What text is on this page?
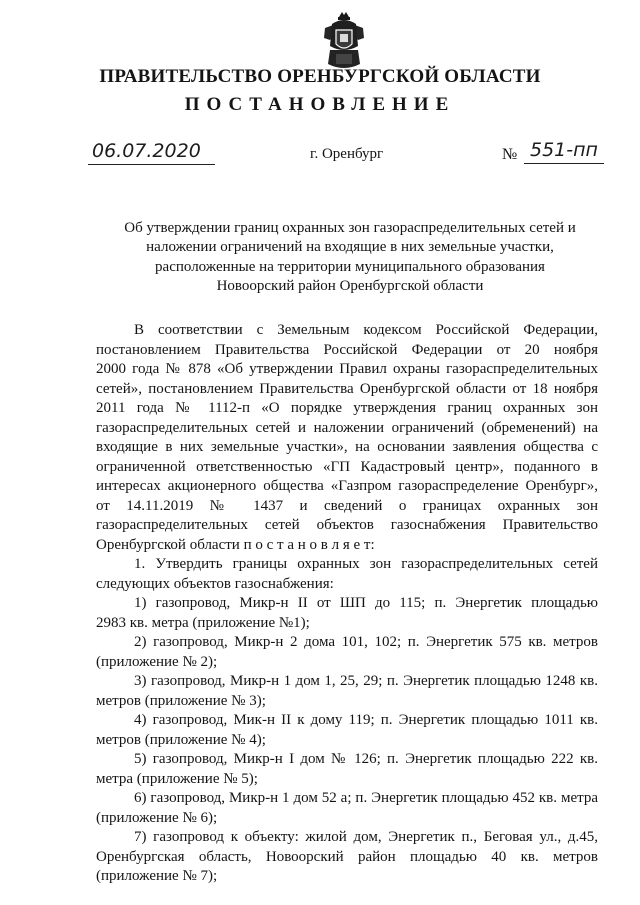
ПРАВИТЕЛЬСТВО ОРЕНБУРГСКОЙ ОБЛАСТИ
ПОСТАНОВЛЕНИЕ
06.07.2020	г. Оренбург	№ 551-пп
Об утверждении границ охранных зон газораспределительных сетей и
наложении ограничений на входящие в них земельные участки,
расположенные на территории муниципального образования
Новоорский район Оренбургской области
В соответствии с Земельным кодексом Российской Федерации,
постановлением Правительства Российской Федерации от 20 ноября
2000 года № 878 «Об утверждении Правил охраны газораспределительных
сетей», постановлением Правительства Оренбургской области от 18 ноября
2011 года № 1112-п «О порядке утверждения границ охранных зон
газораспределительных сетей и наложении ограничений (обременений) на
входящие в них земельные участки», на основании заявления общества с
ограниченной ответственностью «ГП Кадастровый центр», поданного в
интересах акционерного общества «Газпром газораспределение Оренбург»,
от 14.11.2019 № 1437 и сведений о границах охранных зон
газораспределительных сетей объектов газоснабжения Правительство
Оренбургской области п о с т а н о в л я е т:
1. Утвердить границы охранных зон газораспределительных сетей
следующих объектов газоснабжения:
1) газопровод, Микр-н II от ШП до 115; п. Энергетик площадью
2983 кв. метра (приложение №1);
2) газопровод, Микр-н 2 дома 101, 102; п. Энергетик 575 кв. метров
(приложение № 2);
3) газопровод, Микр-н 1 дом 1, 25, 29; п. Энергетик площадью 1248 кв.
метров (приложение № 3);
4) газопровод, Мик-н II к дому 119; п. Энергетик площадью 1011 кв.
метров (приложение № 4);
5) газопровод, Микр-н I дом № 126; п. Энергетик площадью 222 кв.
метра (приложение № 5);
6) газопровод, Микр-н 1 дом 52 а; п. Энергетик площадью 452 кв. метра
(приложение № 6);
7) газопровод к объекту: жилой дом, Энергетик п., Беговая ул., д.45,
Оренбургская область, Новоорский район площадью 40 кв. метров
(приложение № 7);
